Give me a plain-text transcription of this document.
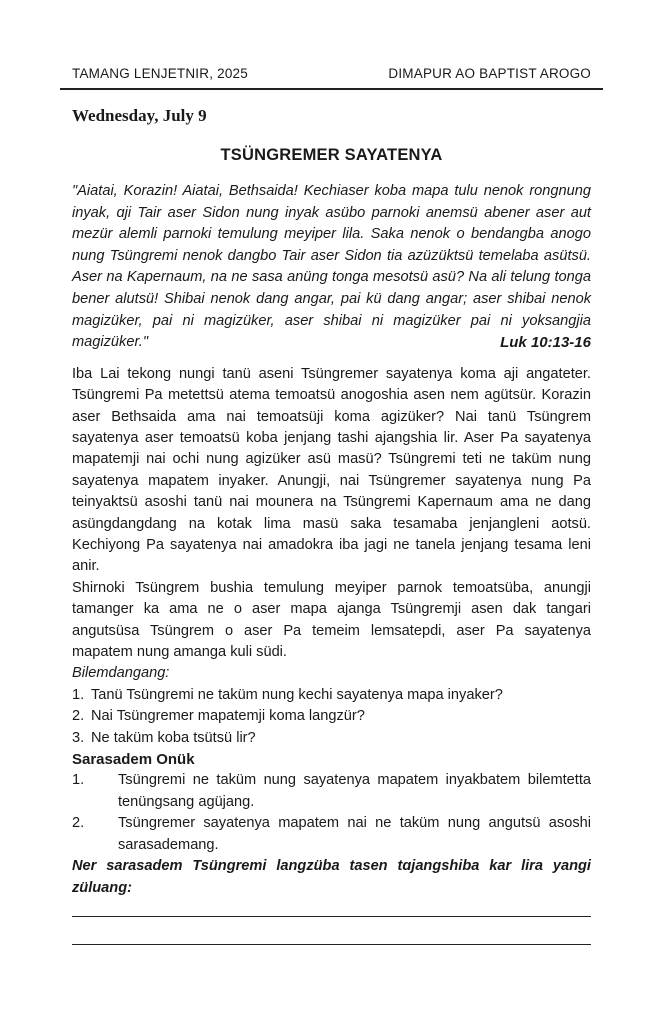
TAMANG LENJETNIR, 2025	DIMAPUR AO BAPTIST AROGO

Wednesday, July 9

TSÜNGREMER SAYATENYA

"Aiatai, Korazin! Aiatai, Bethsaida! Kechiaser koba mapa tulu nenok rongnung inyak, ɑji Tair aser Sidon nung inyak asübo parnoki anemsü abener aser aut mezür alemli parnoki temulung meyiper lila. Saka nenok o bendangba anogo nung Tsüngremi nenok dangbo Tair aser Sidon tia azüzüktsü temelaba asütsü. Aser na Kapernaum, na ne sasa anüng tonga mesotsü asü? Na ali telung tonga bener alutsü! Shibai nenok dang angar, pai kü dang angar; aser shibai nenok magizüker, pai ni magizüker, aser shibai ni magizüker pai ni yoksangjia magizüker."	Luk 10:13-16

Iba Lai tekong nungi tanü aseni Tsüngremer sayatenya koma aji angateter. Tsüngremi Pa metettsü atema temoatsü anogoshia asen nem agütsür. Korazin aser Bethsaida ama nai temoatsüji koma agizüker? Nai tanü Tsüngrem sayatenya aser temoatsü koba jenjang tashi ajangshia lir. Aser Pa sayatenya mapatemji nai ochi nung agizüker asü masü? Tsüngremi teti ne taküm nung sayatenya mapatem inyaker. Anungji, nai Tsüngremer sayatenya nung Pa teinyaktsü asoshi tanü nai mounera na Tsüngremi Kapernaum ama ne dang asüngdangdang na kotak lima masü saka tesamaba jenjangleni aotsü. Kechiyong Pa sayatenya nai amadokra iba jagi ne tanela jenjang tesama leni anir.

Shirnoki Tsüngrem bushia temulung meyiper parnok temoatsüba, anungji tamanger ka ama ne o aser mapa ajanga Tsüngremji asen dak tangari angutsüsa Tsüngrem o aser Pa temeim lemsatepdi, aser Pa sayatenya mapatem nung amanga kuli südi.

Bilemdangang:

1. Tanü Tsüngremi ne taküm nung kechi sayatenya mapa inyaker?
2. Nai Tsüngremer mapatemji koma langzür?
3. Ne taküm koba tsütsü lir?

Sarasadem Onük

1.	Tsüngremi ne taküm nung sayatenya mapatem inyakbatem bilemtetta tenüngsang agüjang.
2.	Tsüngremer sayatenya mapatem nai ne taküm nung angutsü asoshi sarasademang.

Ner sarasadem Tsüngremi langzüba tasen tɑjangshiba kar lira yangi züluang:
